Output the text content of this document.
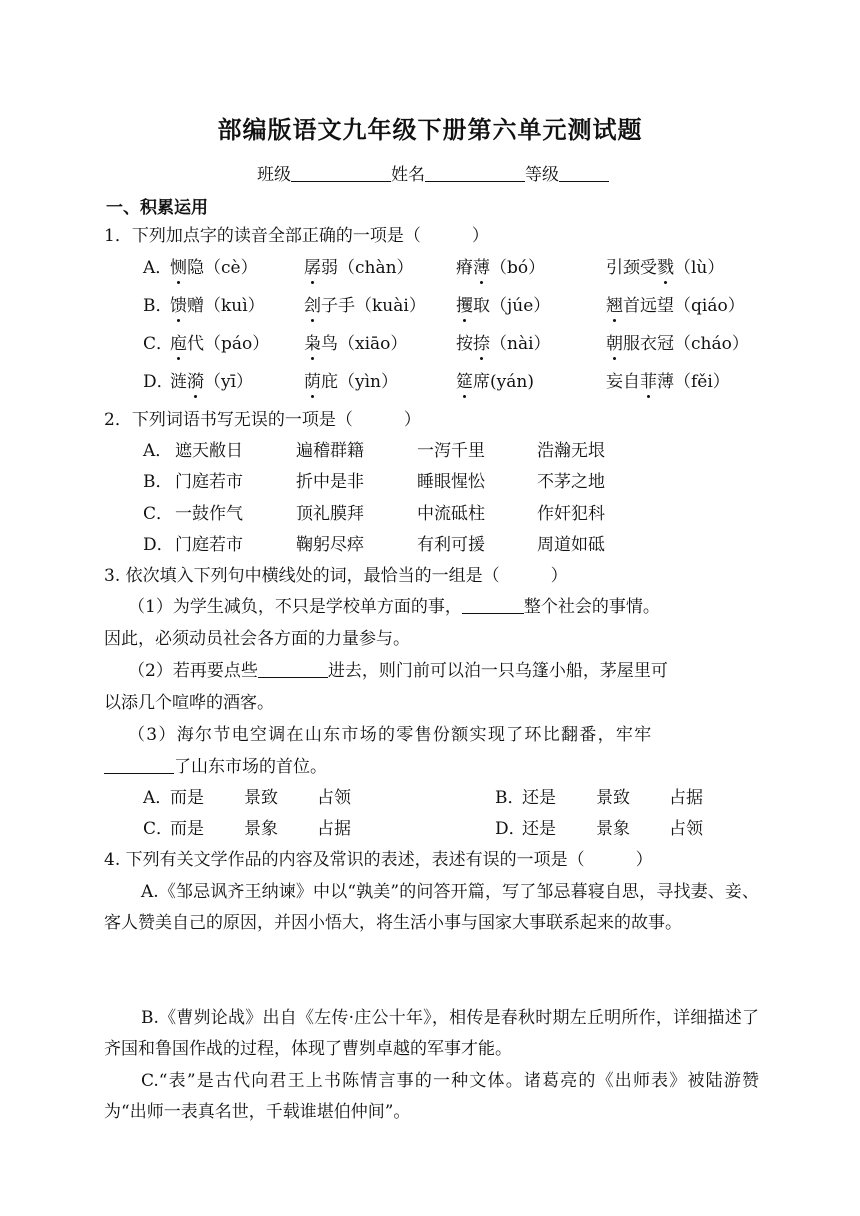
部编版语文九年级下册第六单元测试题
班级	姓名	等级
一、积累运用
1．下列加点字的读音全部正确的一项是（　　　）
A．
恻隐（cè）	孱弱（chàn） 瘠薄（bó）	引颈受戮（lù）
B．
馈赠（kuì） 刽子手（kuài） 攫取（júe）	翘首远望（qiáo）
C．
庖代（páo） 枭鸟（xiāo）	按捺（nài）	朝服衣冠（cháo）
D．
涟漪（yī）	荫庇（yìn）	筵席(yán)	妄自菲薄（fěi）
2．下列词语书写无误的一项是（　　　）
A． 遮天敝日	遍稽群籍	一泻千里	浩瀚无垠
B． 门庭若市	折中是非	睡眼惺忪	不茅之地
C． 一鼓作气	顶礼膜拜	中流砥柱	作奸犯科
D． 门庭若市	鞠躬尽瘁	有利可援	周道如砥
3. 依次填入下列句中横线处的词，最恰当的一组是（　　　）
（1）为学生减负，不只是学校单方面的事，	整个社会的事情。
因此，必须动员社会各方面的力量参与。
（2）若再要点些	进去，则门前可以泊一只乌篷小船，茅屋里可
以添几个喧哗的酒客。
（3）海尔节电空调在山东市场的零售份额实现了环比翻番，牢牢
了山东市场的首位。
A．
而是 景致 占领	B．
还是 景致 占据
C．
而是 景象 占据	D．
还是 景象 占领
4. 下列有关文学作品的内容及常识的表述，表述有误的一项是（　　　）
A.《邹忌讽齐王纳谏》中以“孰美”的问答开篇，写了邹忌暮寝自思，寻找妻、妾、客人赞美自己的原因，并因小悟大，将生活小事与国家大事联系起来的故事。
B.《曹刿论战》出自《左传·庄公十年》，相传是春秋时期左丘明所作，详细描述了齐国和鲁国作战的过程，体现了曹刿卓越的军事才能。
C.“表”是古代向君王上书陈情言事的一种文体。诸葛亮的《出师表》被陆游赞为“出师一表真名世，千载谁堪伯仲间”。
